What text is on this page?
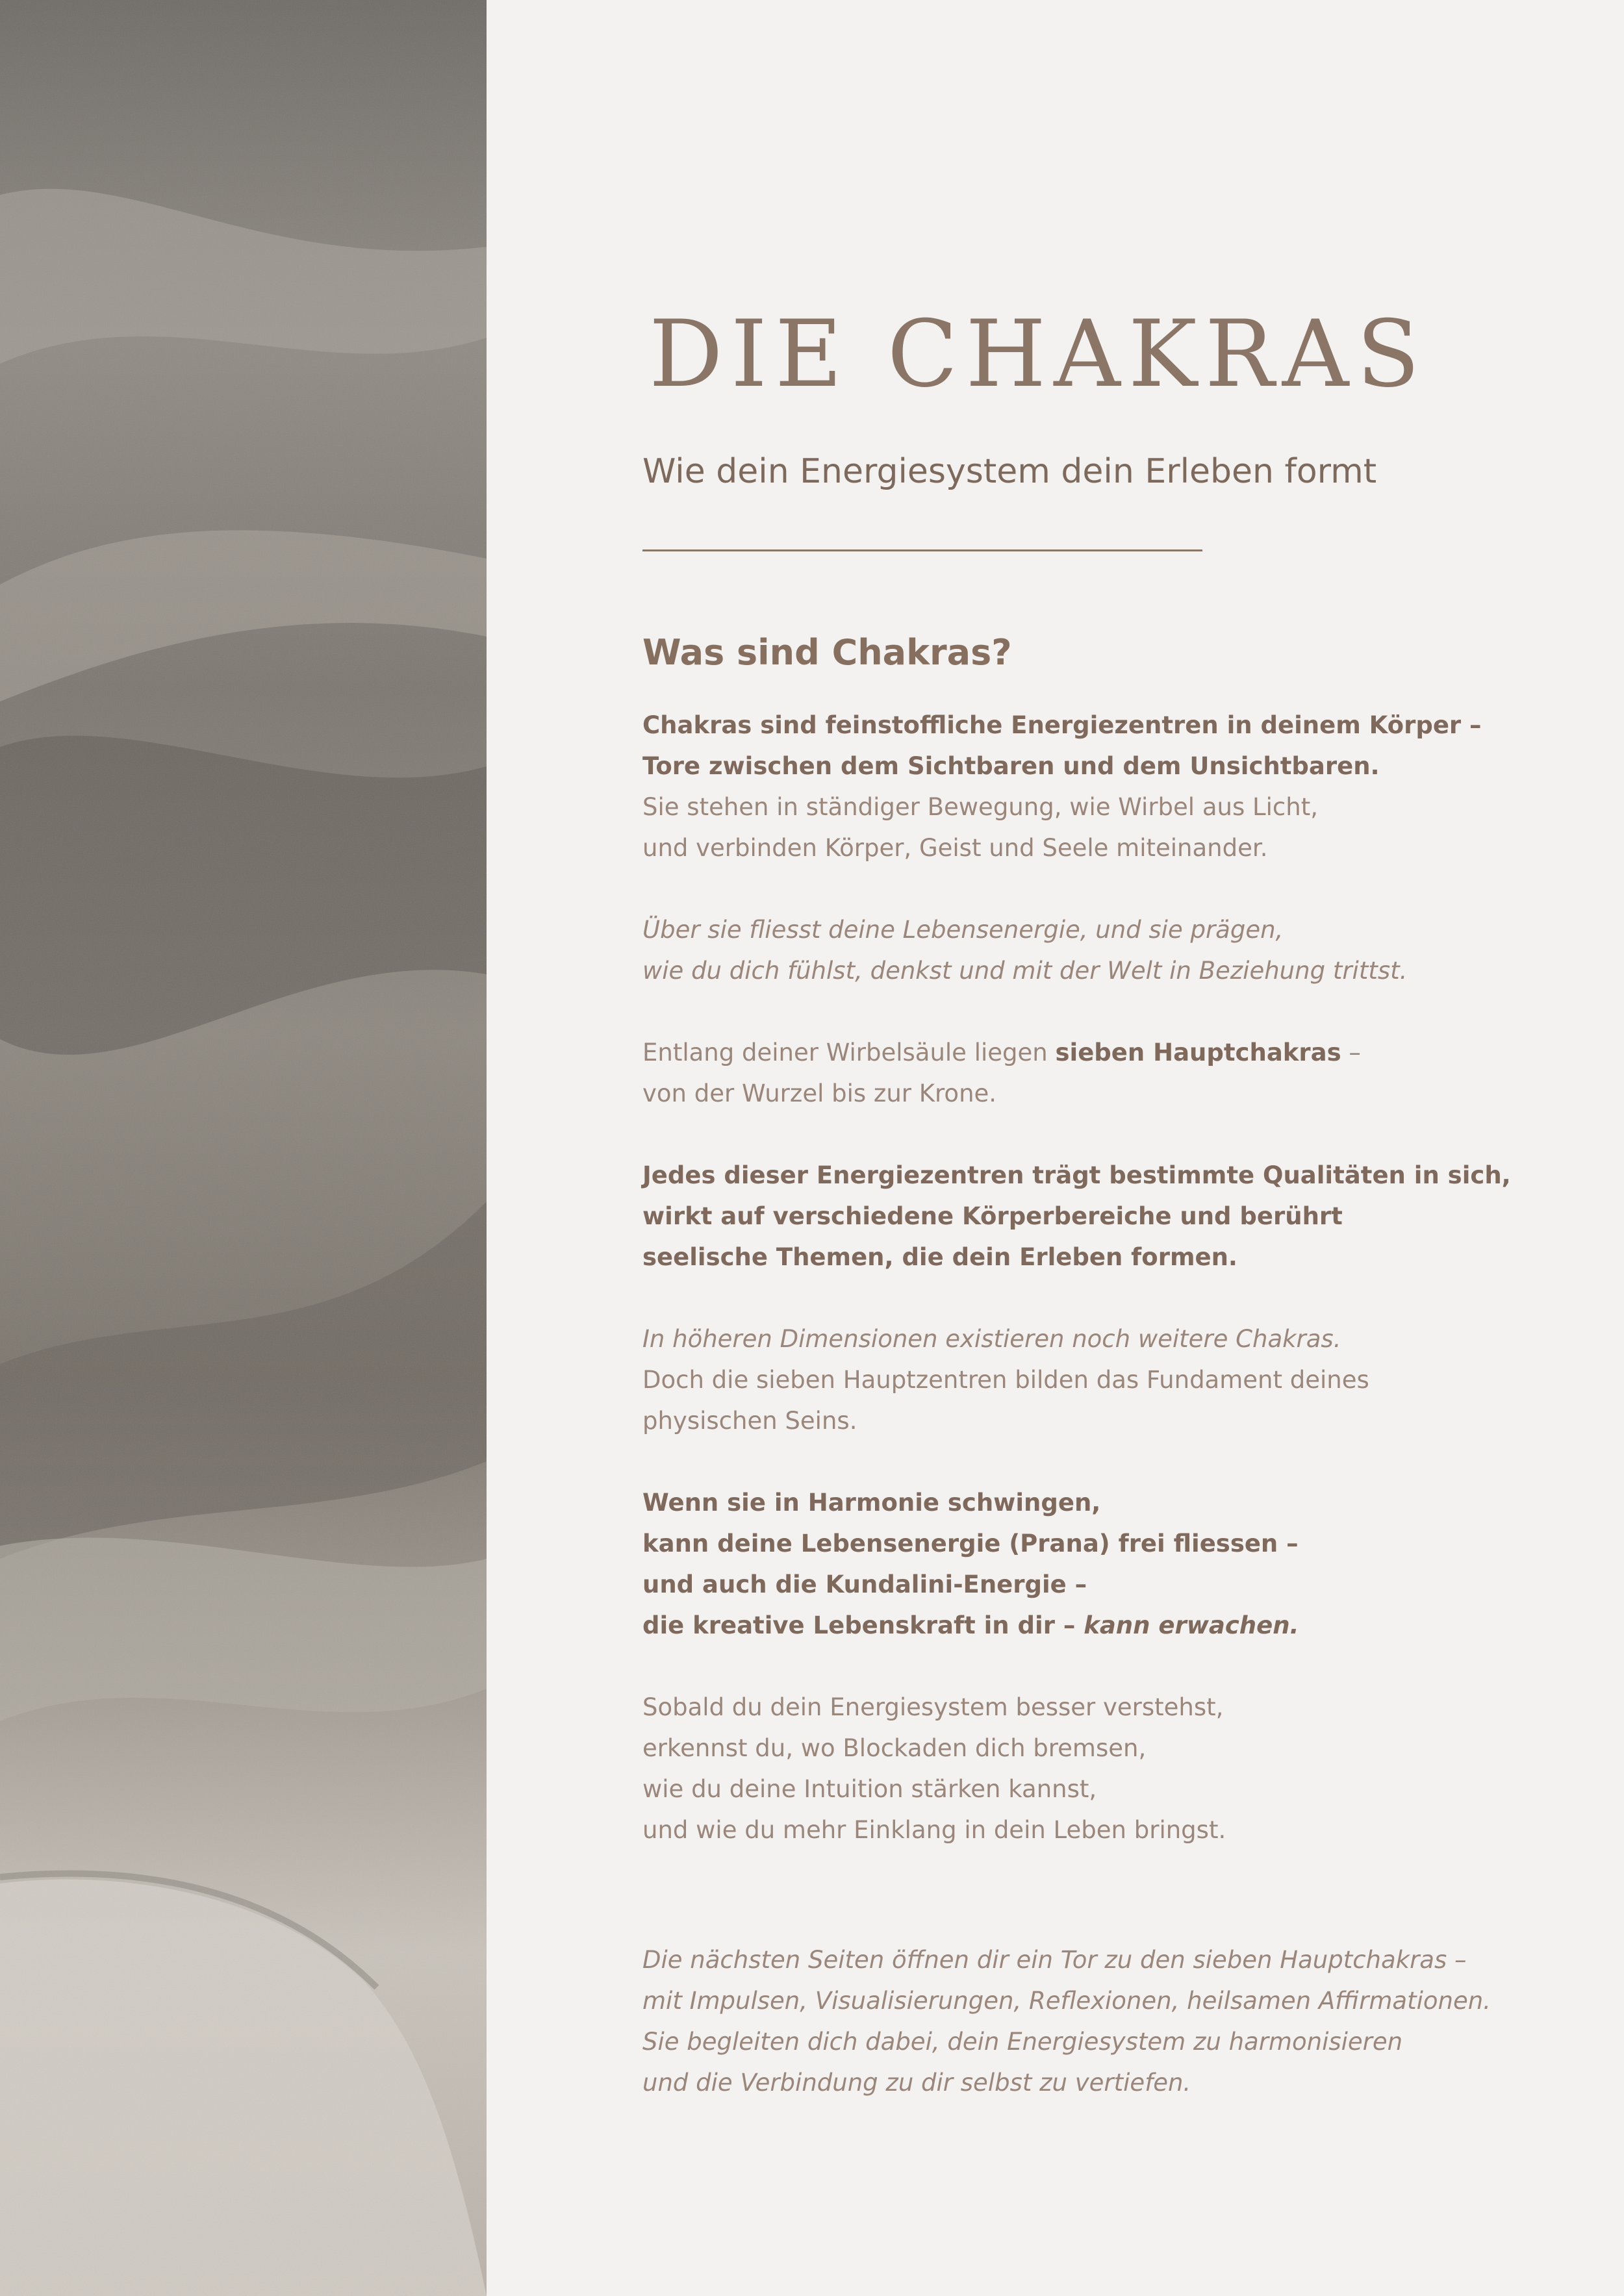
DIE CHAKRAS
Wie dein Energiesystem dein Erleben formt
Was sind Chakras?
Chakras sind feinstoffliche Energiezentren in deinem Körper –
Tore zwischen dem Sichtbaren und dem Unsichtbaren.
Sie stehen in ständiger Bewegung, wie Wirbel aus Licht,
und verbinden Körper, Geist und Seele miteinander.
Über sie fliesst deine Lebensenergie, und sie prägen,
wie du dich fühlst, denkst und mit der Welt in Beziehung trittst.
Entlang deiner Wirbelsäule liegen sieben Hauptchakras –
von der Wurzel bis zur Krone.
Jedes dieser Energiezentren trägt bestimmte Qualitäten in sich,
wirkt auf verschiedene Körperbereiche und berührt
seelische Themen, die dein Erleben formen.
In höheren Dimensionen existieren noch weitere Chakras.
Doch die sieben Hauptzentren bilden das Fundament deines
physischen Seins.
Wenn sie in Harmonie schwingen,
kann deine Lebensenergie (Prana) frei fliessen –
und auch die Kundalini-Energie –
die kreative Lebenskraft in dir – kann erwachen.
Sobald du dein Energiesystem besser verstehst,
erkennst du, wo Blockaden dich bremsen,
wie du deine Intuition stärken kannst,
und wie du mehr Einklang in dein Leben bringst.
Die nächsten Seiten öffnen dir ein Tor zu den sieben Hauptchakras –
mit Impulsen, Visualisierungen, Reflexionen, heilsamen Affirmationen.
Sie begleiten dich dabei, dein Energiesystem zu harmonisieren
und die Verbindung zu dir selbst zu vertiefen.
